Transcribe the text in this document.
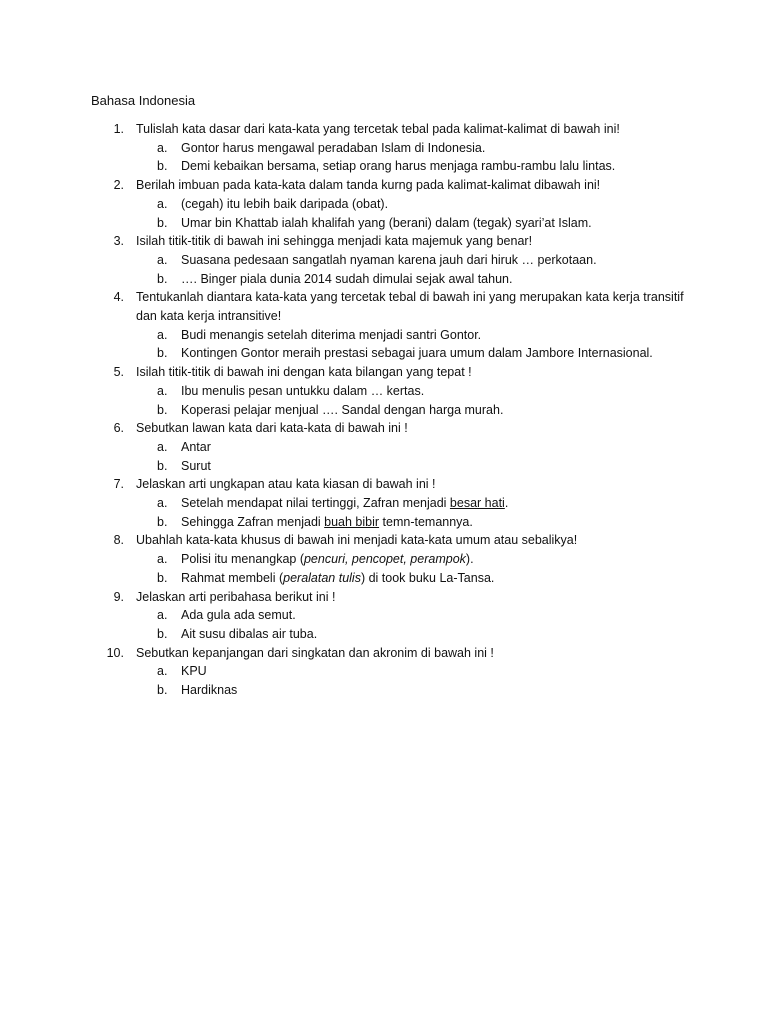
Bahasa Indonesia
1. Tulislah kata dasar dari kata-kata yang tercetak tebal pada kalimat-kalimat di bawah ini!
a. Gontor harus mengawal peradaban Islam di Indonesia.
b. Demi kebaikan bersama, setiap orang harus menjaga rambu-rambu lalu lintas.
2. Berilah imbuan pada kata-kata dalam tanda kurng pada kalimat-kalimat dibawah ini!
a. (cegah) itu lebih baik daripada (obat).
b. Umar bin Khattab ialah khalifah yang (berani) dalam (tegak) syari’at Islam.
3. Isilah titik-titik di bawah ini sehingga menjadi kata majemuk yang benar!
a. Suasana pedesaan sangatlah nyaman karena jauh dari hiruk … perkotaan.
b. …. Binger piala dunia 2014 sudah dimulai sejak awal tahun.
4. Tentukanlah diantara kata-kata yang tercetak tebal di bawah ini yang merupakan kata kerja transitif dan kata kerja intransitive!
a. Budi menangis setelah diterima menjadi santri Gontor.
b. Kontingen Gontor meraih prestasi sebagai juara umum dalam Jambore Internasional.
5. Isilah titik-titik di bawah ini dengan kata bilangan yang tepat !
a. Ibu menulis pesan untukku dalam … kertas.
b. Koperasi pelajar menjual …. Sandal dengan harga murah.
6. Sebutkan lawan kata dari kata-kata di bawah ini !
a. Antar
b. Surut
7. Jelaskan arti ungkapan atau kata kiasan di bawah ini !
a. Setelah mendapat nilai tertinggi, Zafran menjadi besar hati.
b. Sehingga Zafran menjadi buah bibir temn-temannya.
8. Ubahlah kata-kata khusus di bawah ini menjadi kata-kata umum atau sebalikya!
a. Polisi itu menangkap (pencuri, pencopet, perampok).
b. Rahmat membeli (peralatan tulis) di took buku La-Tansa.
9. Jelaskan arti peribahasa berikut ini !
a. Ada gula ada semut.
b. Ait susu dibalas air tuba.
10. Sebutkan kepanjangan dari singkatan dan akronim di bawah ini !
a. KPU
b. Hardiknas
